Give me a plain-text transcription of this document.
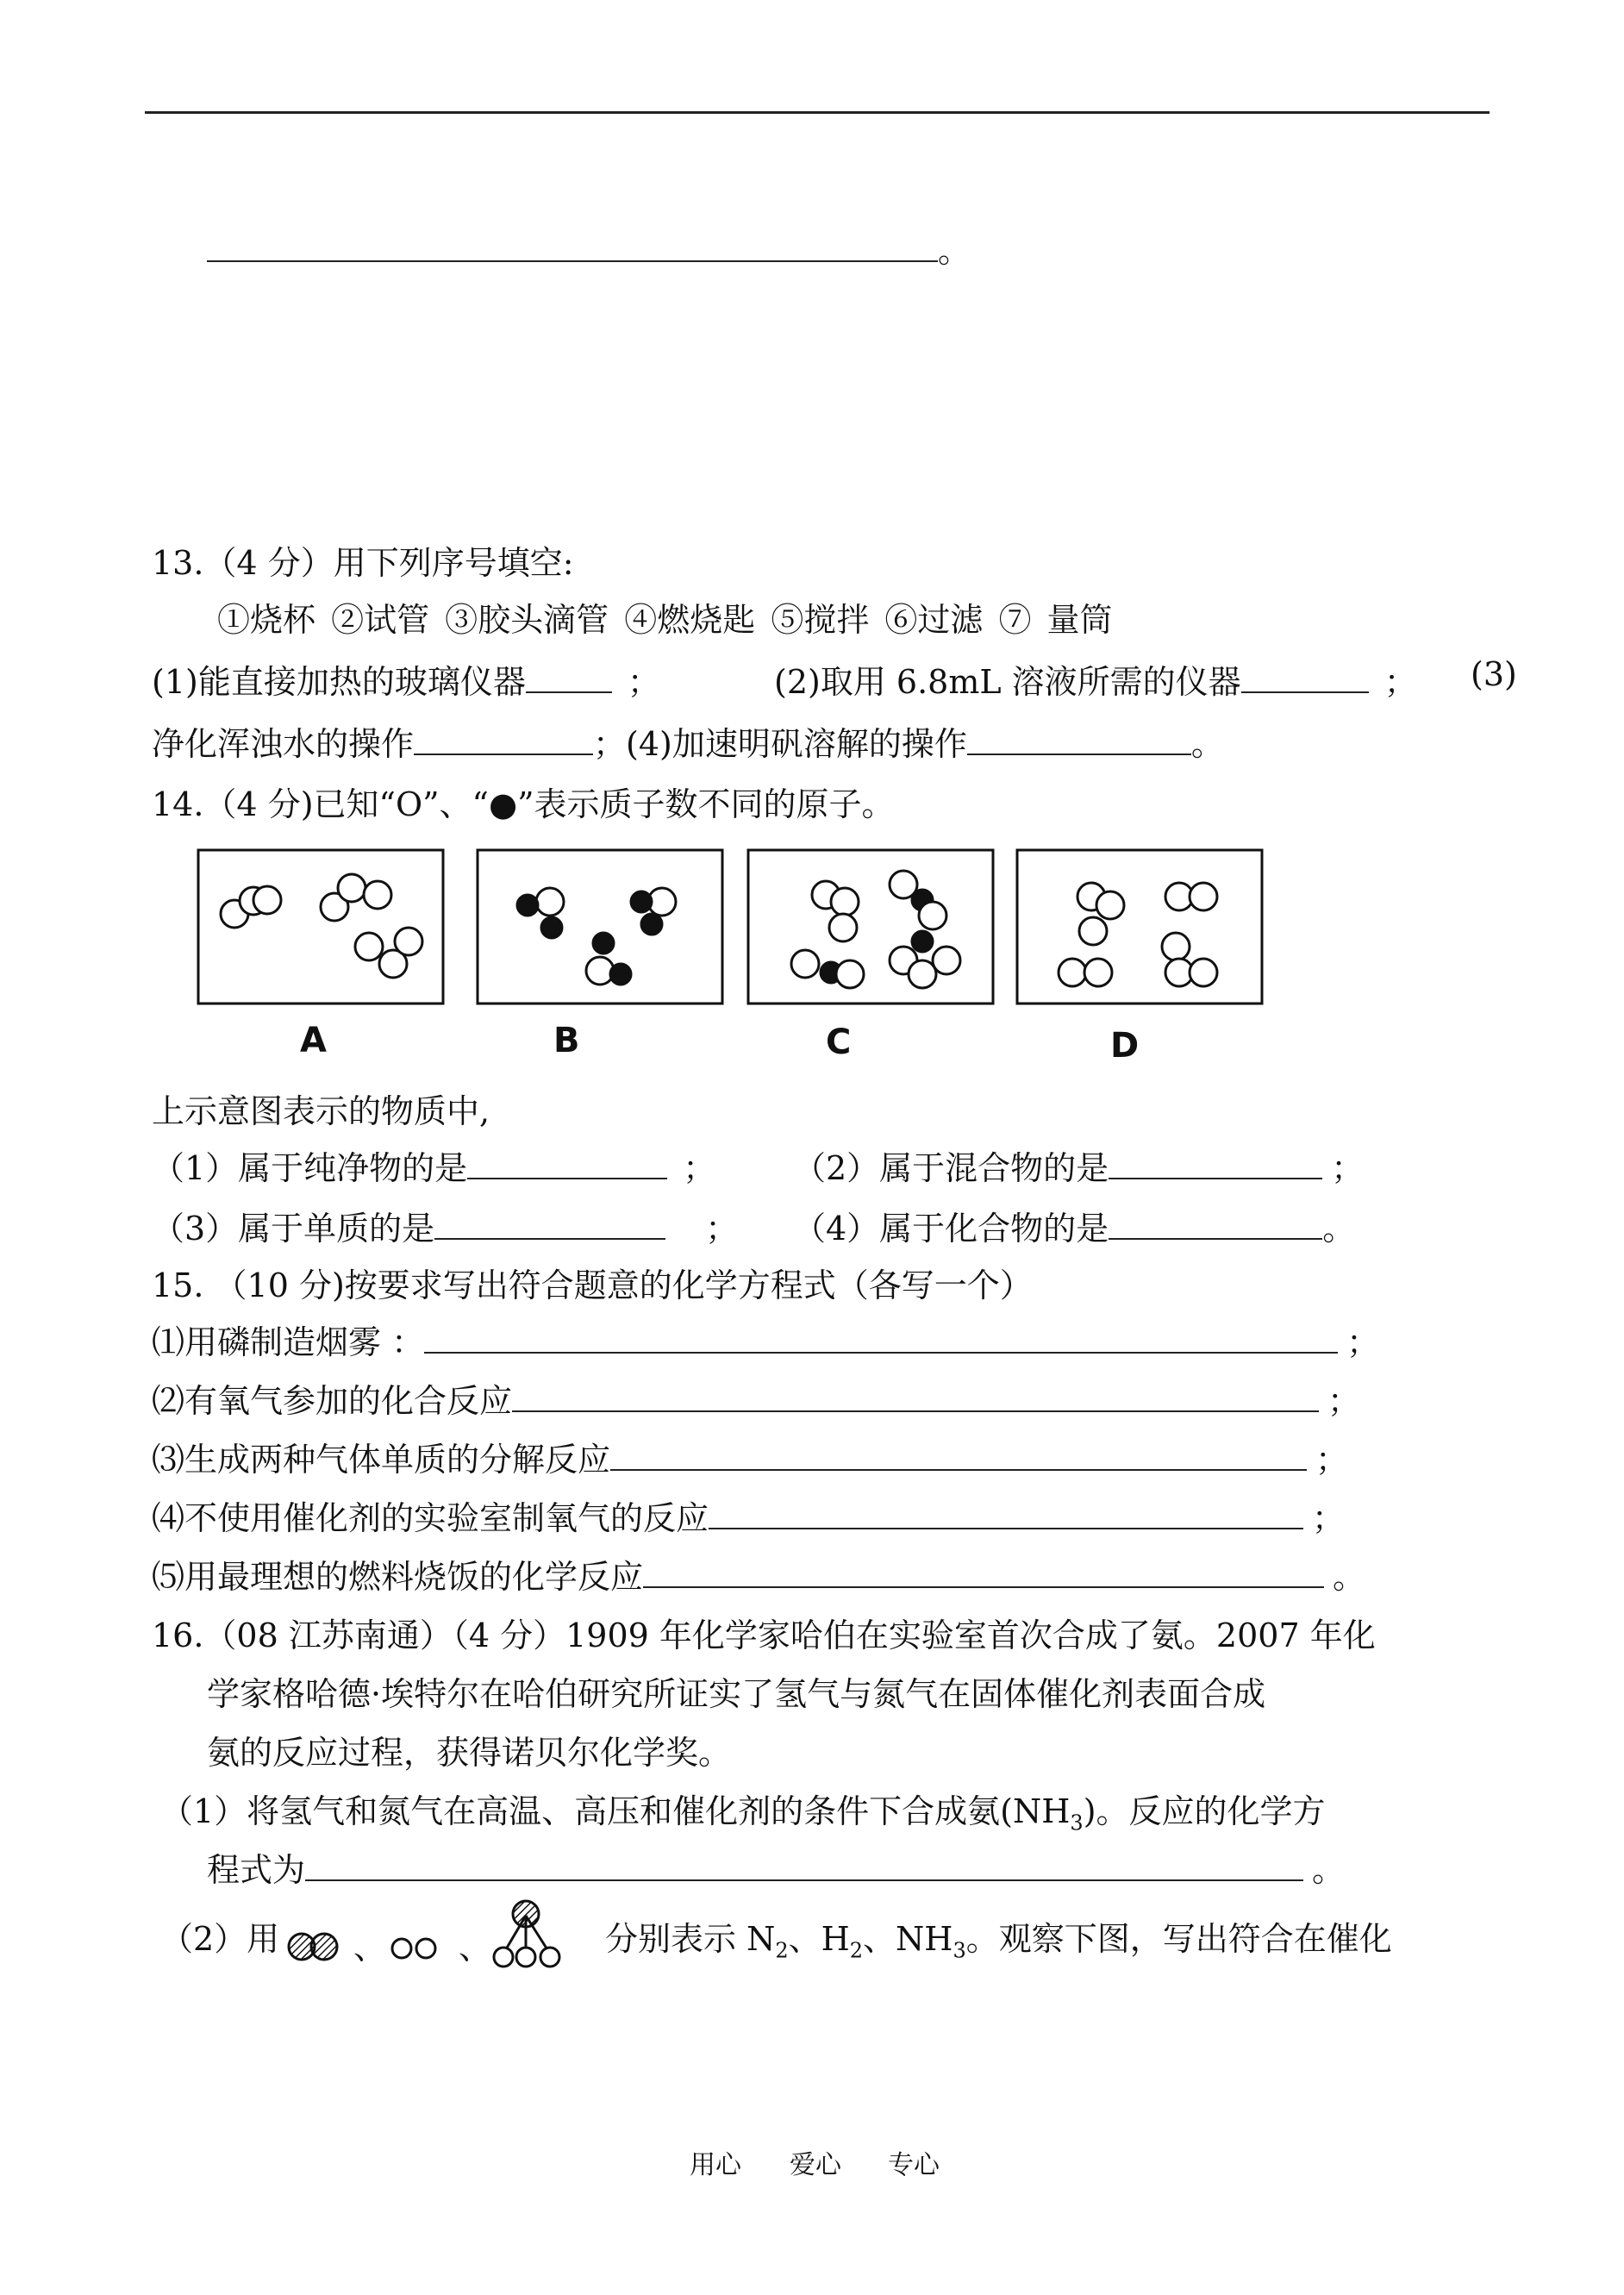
。
13.（4 分）用下列序号填空:
①烧杯 ②试管 ③胶头滴管 ④燃烧匙 ⑤搅拌 ⑥过滤 ⑦ 量筒
(1)能直接加热的玻璃仪器	；	(2)取用 6.8mL 溶液所需的仪器	； (3)
净化浑浊水的操作	；(4)加速明矾溶解的操作	。
14.（4 分)已知“O”、“●”表示质子数不同的原子。
A	B	C	D
上示意图表示的物质中,
（1）属于纯净物的是	； （2）属于混合物的是	；
（3）属于单质的是	； （4）属于化合物的是	。
15. （10 分)按要求写出符合题意的化学方程式（各写一个）
⑴用磷制造烟雾 ：	；
⑵有氧气参加的化合反应	；
⑶生成两种气体单质的分解反应	；
⑷不使用催化剂的实验室制氧气的反应	；
⑸用最理想的燃料烧饭的化学反应	。
16.（08 江苏南通）（4 分）1909 年化学家哈伯在实验室首次合成了氨。2007 年化
学家格哈德·埃特尔在哈伯研究所证实了氢气与氮气在固体催化剂表面合成
氨的反应过程，获得诺贝尔化学奖。
（1）将氢气和氮气在高温、高压和催化剂的条件下合成氨$(NH_3)$。反应的化学方
程式为	。
（2）用 、 、	分别表示 $N_2$、$H_2$、$NH_3$。观察下图，写出符合在催化
用心 爱心 专心
